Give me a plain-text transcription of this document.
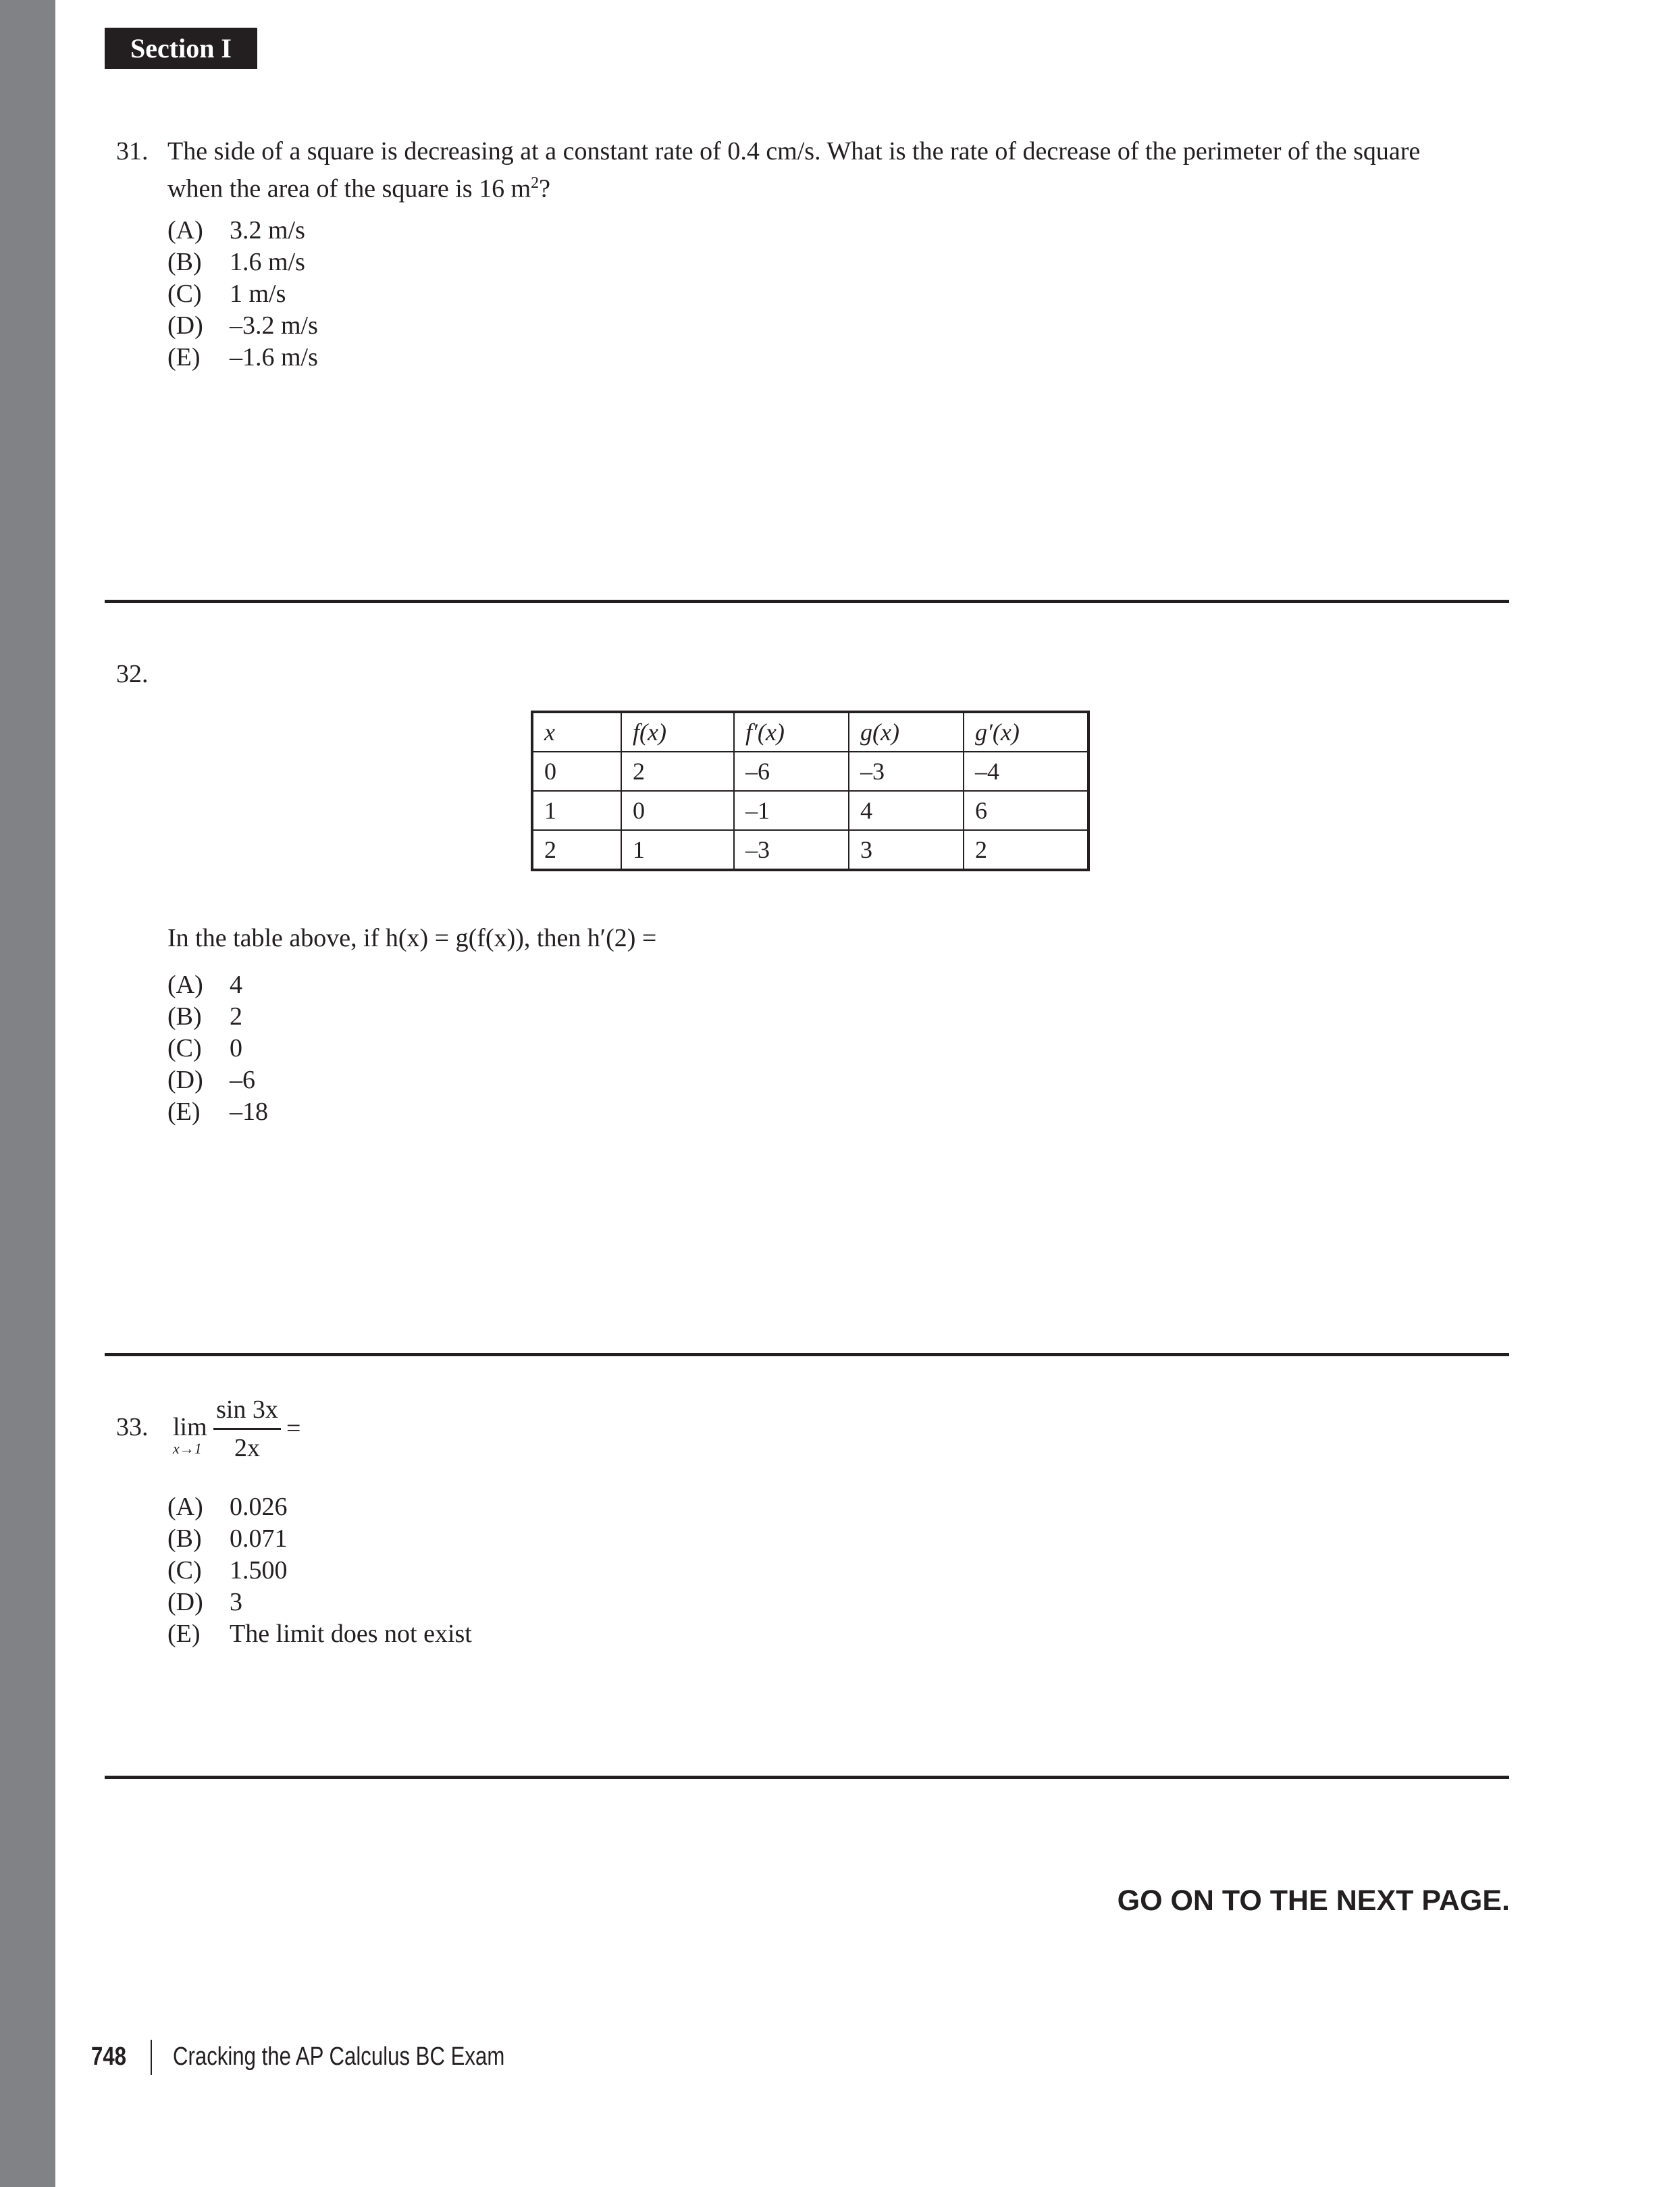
Section I
31. The side of a square is decreasing at a constant rate of 0.4 cm/s. What is the rate of decrease of the perimeter of the square
when the area of the square is 16 $m^2$?
(A) 3.2 m/s
(B) 1.6 m/s
(C) 1 m/s
(D) –3.2 m/s
(E) –1.6 m/s
32.
x	f(x)	f′(x)	g(x)	g′(x)
0	2	–6	–3	–4
1	0	–1	4	6
2	1	–3	3	2
In the table above, if h(x) = g(f(x)), then h′(2) =
(A) 4
(B) 2
(C) 0
(D) –6
(E) –18
33. lim
x→1
sin 3x
2x
=
(A) 0.026
(B) 0.071
(C) 1.500
(D) 3
(E) The limit does not exist
GO ON TO THE NEXT PAGE.
748 Cracking the AP Calculus BC Exam
